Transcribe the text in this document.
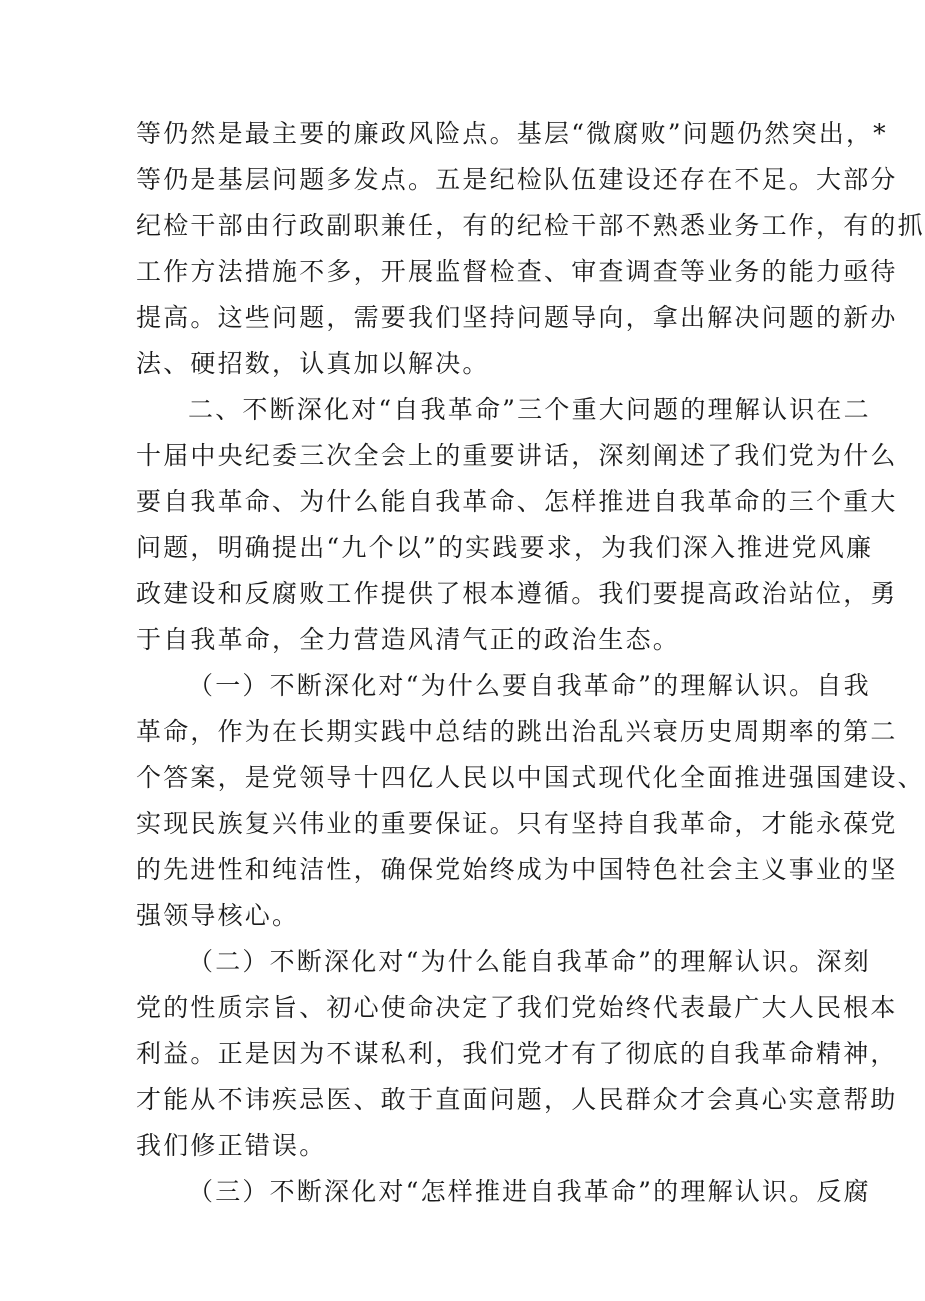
等仍然是最主要的廉政风险点。基层“微腐败”问题仍然突出，*
等仍是基层问题多发点。五是纪检队伍建设还存在不足。大部分
纪检干部由行政副职兼任，有的纪检干部不熟悉业务工作，有的抓
工作方法措施不多，开展监督检查、审查调查等业务的能力亟待
提高。这些问题，需要我们坚持问题导向，拿出解决问题的新办
法、硬招数，认真加以解决。
二、不断深化对“自我革命”三个重大问题的理解认识在二
十届中央纪委三次全会上的重要讲话，深刻阐述了我们党为什么
要自我革命、为什么能自我革命、怎样推进自我革命的三个重大
问题，明确提出“九个以”的实践要求，为我们深入推进党风廉
政建设和反腐败工作提供了根本遵循。我们要提高政治站位，勇
于自我革命，全力营造风清气正的政治生态。
（一）不断深化对“为什么要自我革命”的理解认识。自我
革命，作为在长期实践中总结的跳出治乱兴衰历史周期率的第二
个答案，是党领导十四亿人民以中国式现代化全面推进强国建设、
实现民族复兴伟业的重要保证。只有坚持自我革命，才能永葆党
的先进性和纯洁性，确保党始终成为中国特色社会主义事业的坚
强领导核心。
（二）不断深化对“为什么能自我革命”的理解认识。深刻
党的性质宗旨、初心使命决定了我们党始终代表最广大人民根本
利益。正是因为不谋私利，我们党才有了彻底的自我革命精神，
才能从不讳疾忌医、敢于直面问题，人民群众才会真心实意帮助
我们修正错误。
（三）不断深化对“怎样推进自我革命”的理解认识。反腐
